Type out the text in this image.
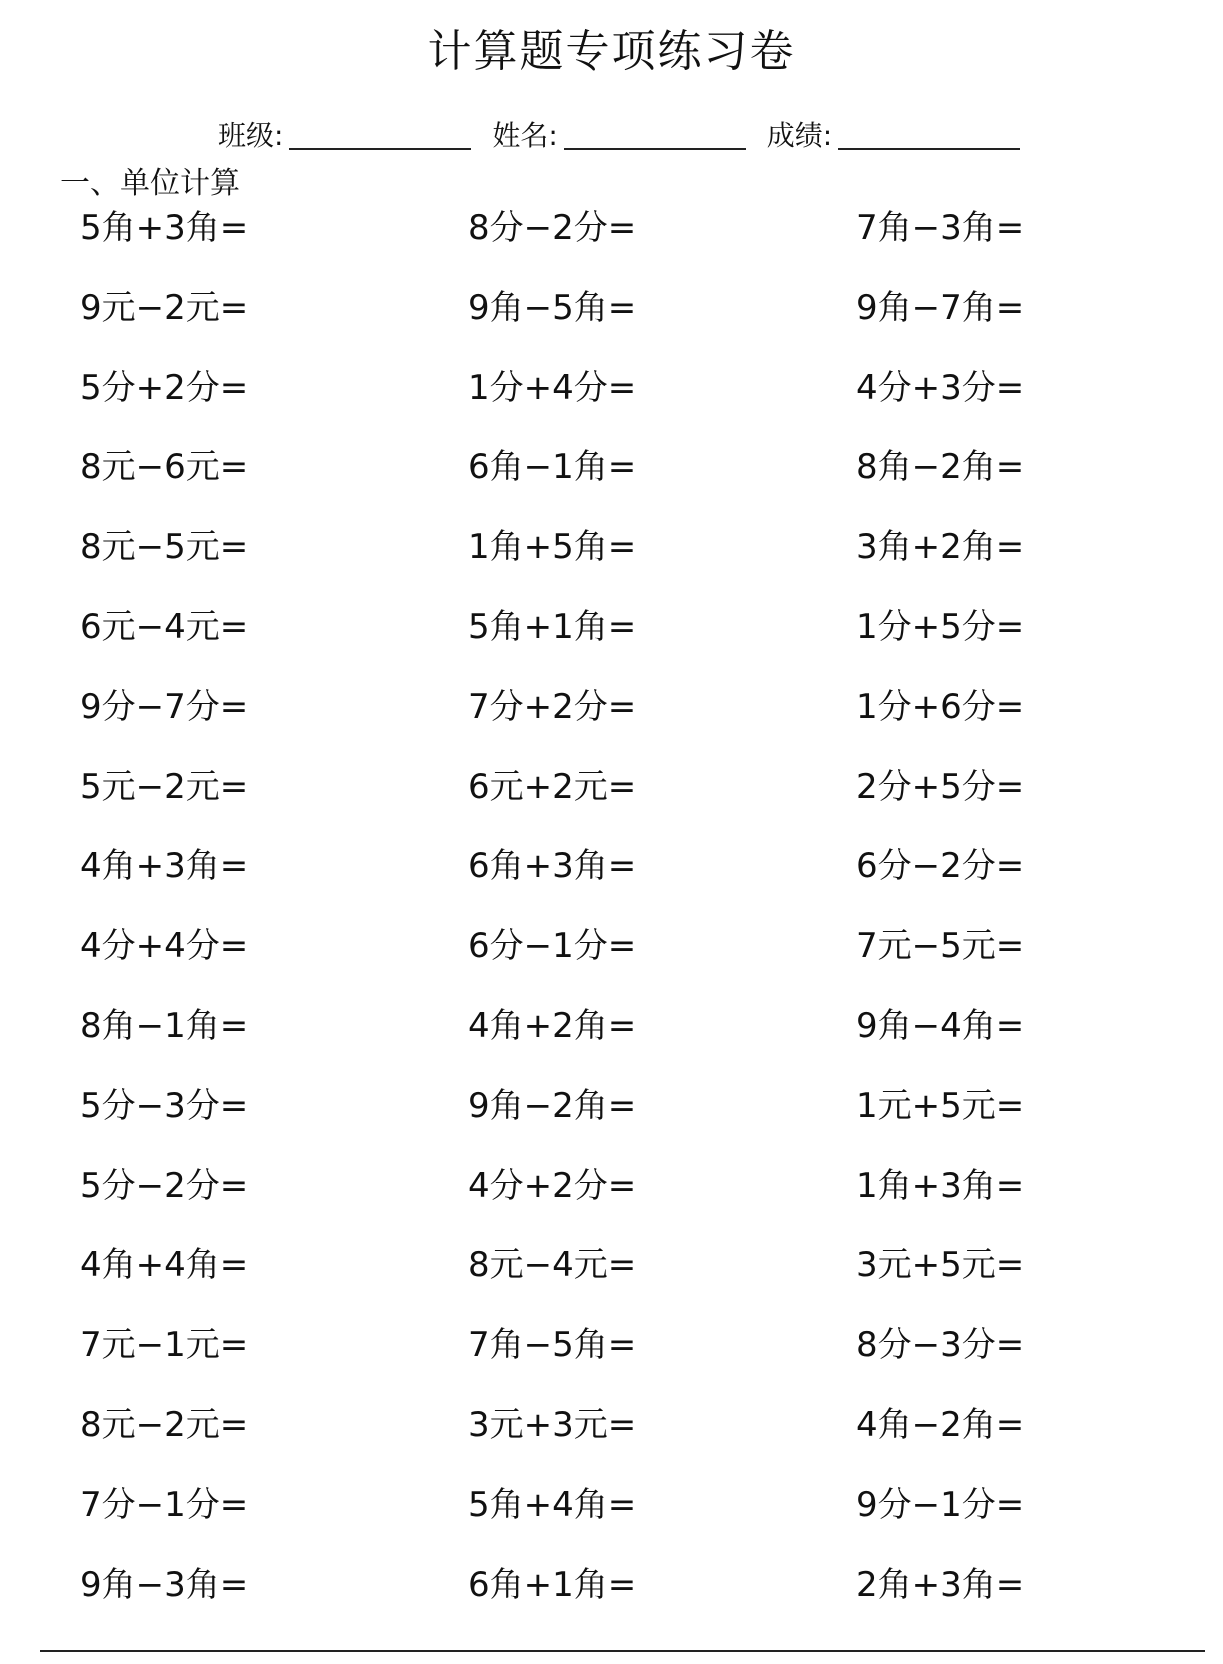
计算题专项练习卷
班级:	姓名:	成绩:
一、单位计算
5角+3角=	8分−2分=	7角−3角=
9元−2元=	9角−5角=	9角−7角=
5分+2分=	1分+4分=	4分+3分=
8元−6元=	6角−1角=	8角−2角=
8元−5元=	1角+5角=	3角+2角=
6元−4元=	5角+1角=	1分+5分=
9分−7分=	7分+2分=	1分+6分=
5元−2元=	6元+2元=	2分+5分=
4角+3角=	6角+3角=	6分−2分=
4分+4分=	6分−1分=	7元−5元=
8角−1角=	4角+2角=	9角−4角=
5分−3分=	9角−2角=	1元+5元=
5分−2分=	4分+2分=	1角+3角=
4角+4角=	8元−4元=	3元+5元=
7元−1元=	7角−5角=	8分−3分=
8元−2元=	3元+3元=	4角−2角=
7分−1分=	5角+4角=	9分−1分=
9角−3角=	6角+1角=	2角+3角=
